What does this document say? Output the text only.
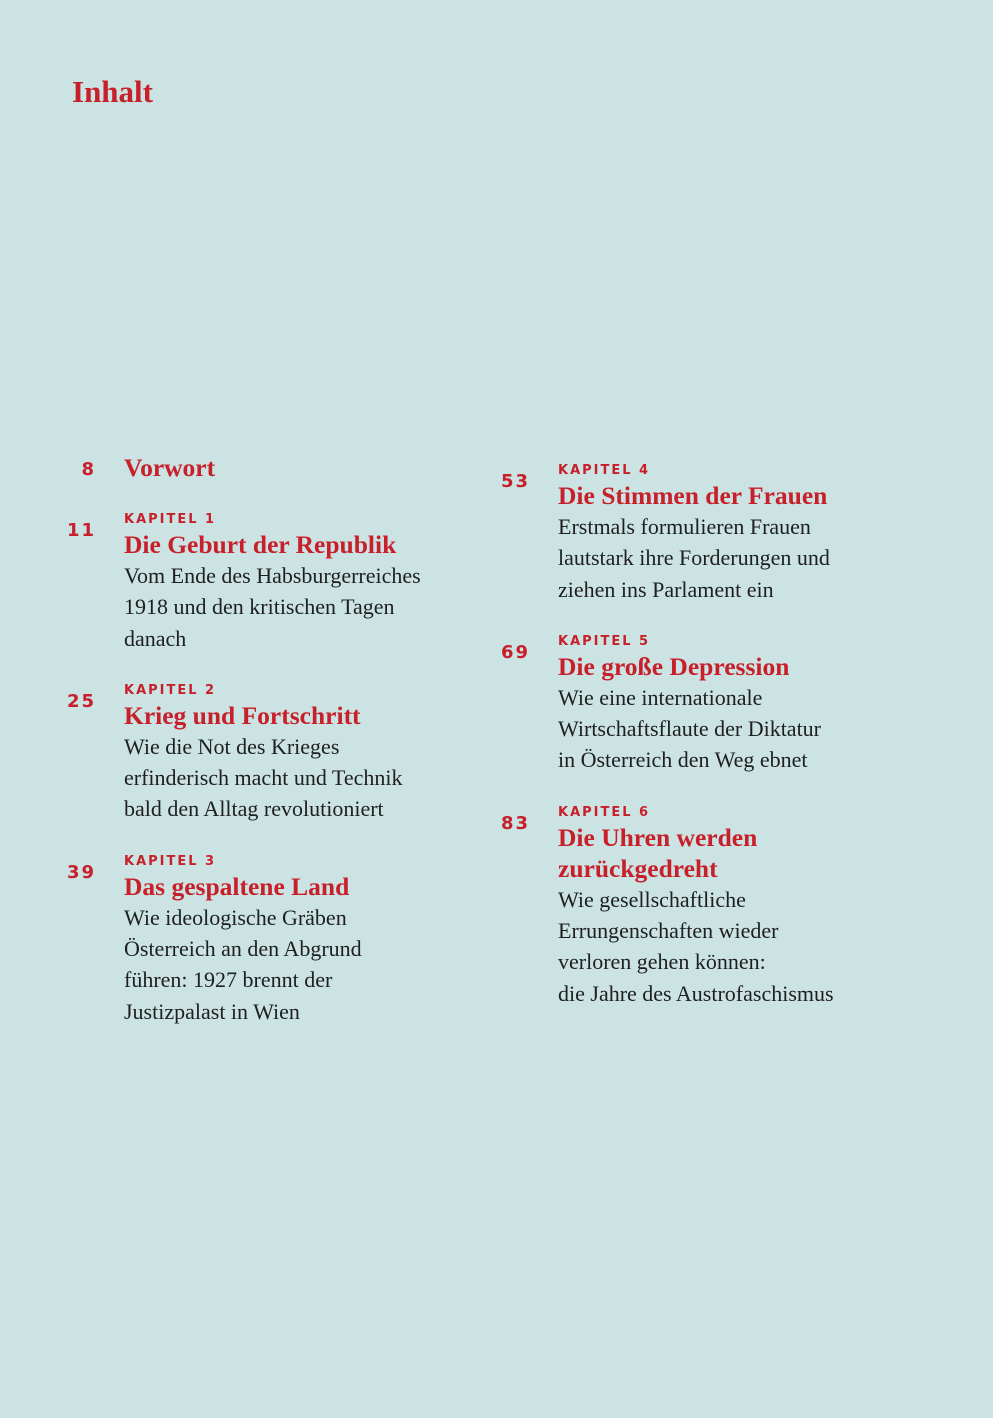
Inhalt
8 Vorwort
11
KAPITEL 1
Die Geburt der Republik
Vom Ende des Habsburgerreiches
1918 und den kritischen Tagen
danach
25
KAPITEL 2
Krieg und Fortschritt
Wie die Not des Krieges
erfinderisch macht und Technik
bald den Alltag revolutioniert
39
KAPITEL 3
Das gespaltene Land
Wie ideologische Gräben
Österreich an den Abgrund
führen: 1927 brennt der
Justizpalast in Wien
53
KAPITEL 4
Die Stimmen der Frauen
Erstmals formulieren Frauen
lautstark ihre Forderungen und
ziehen ins Parlament ein
69
KAPITEL 5
Die große Depression
Wie eine internationale
Wirtschaftsflaute der Diktatur
in Österreich den Weg ebnet
83
KAPITEL 6
Die Uhren werden
zurückgedreht
Wie gesellschaftliche
Errungenschaften wieder
verloren gehen können:
die Jahre des Austrofaschismus
